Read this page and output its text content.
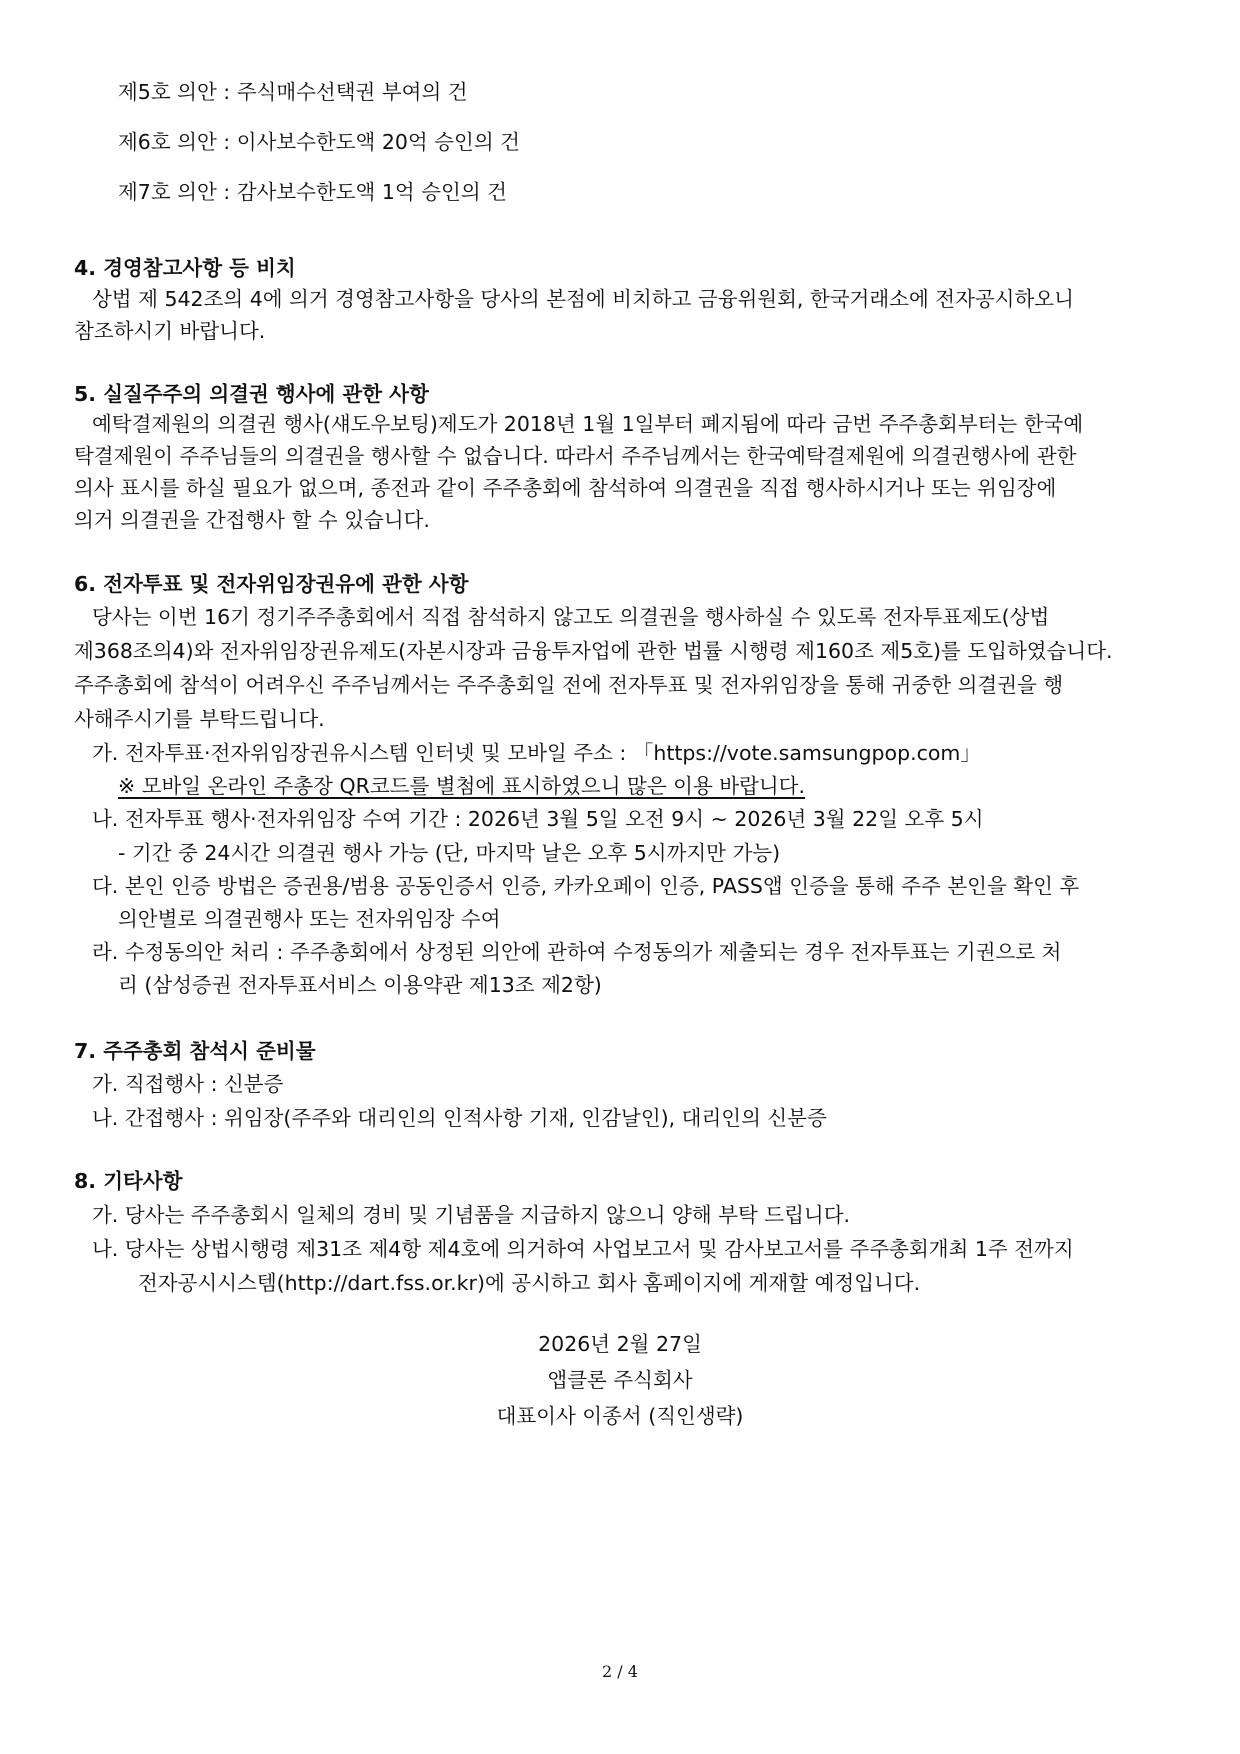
제5호 의안 : 주식매수선택권 부여의 건
제6호 의안 : 이사보수한도액 20억 승인의 건
제7호 의안 : 감사보수한도액 1억 승인의 건
4. 경영참고사항 등 비치
상법 제 542조의 4에 의거 경영참고사항을 당사의 본점에 비치하고 금융위원회, 한국거래소에 전자공시하오니
참조하시기 바랍니다.
5. 실질주주의 의결권 행사에 관한 사항
예탁결제원의 의결권 행사(섀도우보팅)제도가 2018년 1월 1일부터 폐지됨에 따라 금번 주주총회부터는 한국예
탁결제원이 주주님들의 의결권을 행사할 수 없습니다. 따라서 주주님께서는 한국예탁결제원에 의결권행사에 관한
의사 표시를 하실 필요가 없으며, 종전과 같이 주주총회에 참석하여 의결권을 직접 행사하시거나 또는 위임장에
의거 의결권을 간접행사 할 수 있습니다.
6. 전자투표 및 전자위임장권유에 관한 사항
당사는 이번 16기 정기주주총회에서 직접 참석하지 않고도 의결권을 행사하실 수 있도록 전자투표제도(상법
제368조의4)와 전자위임장권유제도(자본시장과 금융투자업에 관한 법률 시행령 제160조 제5호)를 도입하였습니다.
주주총회에 참석이 어려우신 주주님께서는 주주총회일 전에 전자투표 및 전자위임장을 통해 귀중한 의결권을 행
사해주시기를 부탁드립니다.
가. 전자투표·전자위임장권유시스템 인터넷 및 모바일 주소 : 「https://vote.samsungpop.com」
※ 모바일 온라인 주총장 QR코드를 별첨에 표시하였으니 많은 이용 바랍니다.
나. 전자투표 행사·전자위임장 수여 기간 : 2026년 3월 5일 오전 9시 ~ 2026년 3월 22일 오후 5시
- 기간 중 24시간 의결권 행사 가능 (단, 마지막 날은 오후 5시까지만 가능)
다. 본인 인증 방법은 증권용/범용 공동인증서 인증, 카카오페이 인증, PASS앱 인증을 통해 주주 본인을 확인 후
의안별로 의결권행사 또는 전자위임장 수여
라. 수정동의안 처리 : 주주총회에서 상정된 의안에 관하여 수정동의가 제출되는 경우 전자투표는 기권으로 처
리 (삼성증권 전자투표서비스 이용약관 제13조 제2항)
7. 주주총회 참석시 준비물
가. 직접행사 : 신분증
나. 간접행사 : 위임장(주주와 대리인의 인적사항 기재, 인감날인), 대리인의 신분증
8. 기타사항
가. 당사는 주주총회시 일체의 경비 및 기념품을 지급하지 않으니 양해 부탁 드립니다.
나. 당사는 상법시행령 제31조 제4항 제4호에 의거하여 사업보고서 및 감사보고서를 주주총회개최 1주 전까지
전자공시시스템(http://dart.fss.or.kr)에 공시하고 회사 홈페이지에 게재할 예정입니다.
2026년 2월 27일
앱클론 주식회사
대표이사 이종서 (직인생략)
2 / 4
